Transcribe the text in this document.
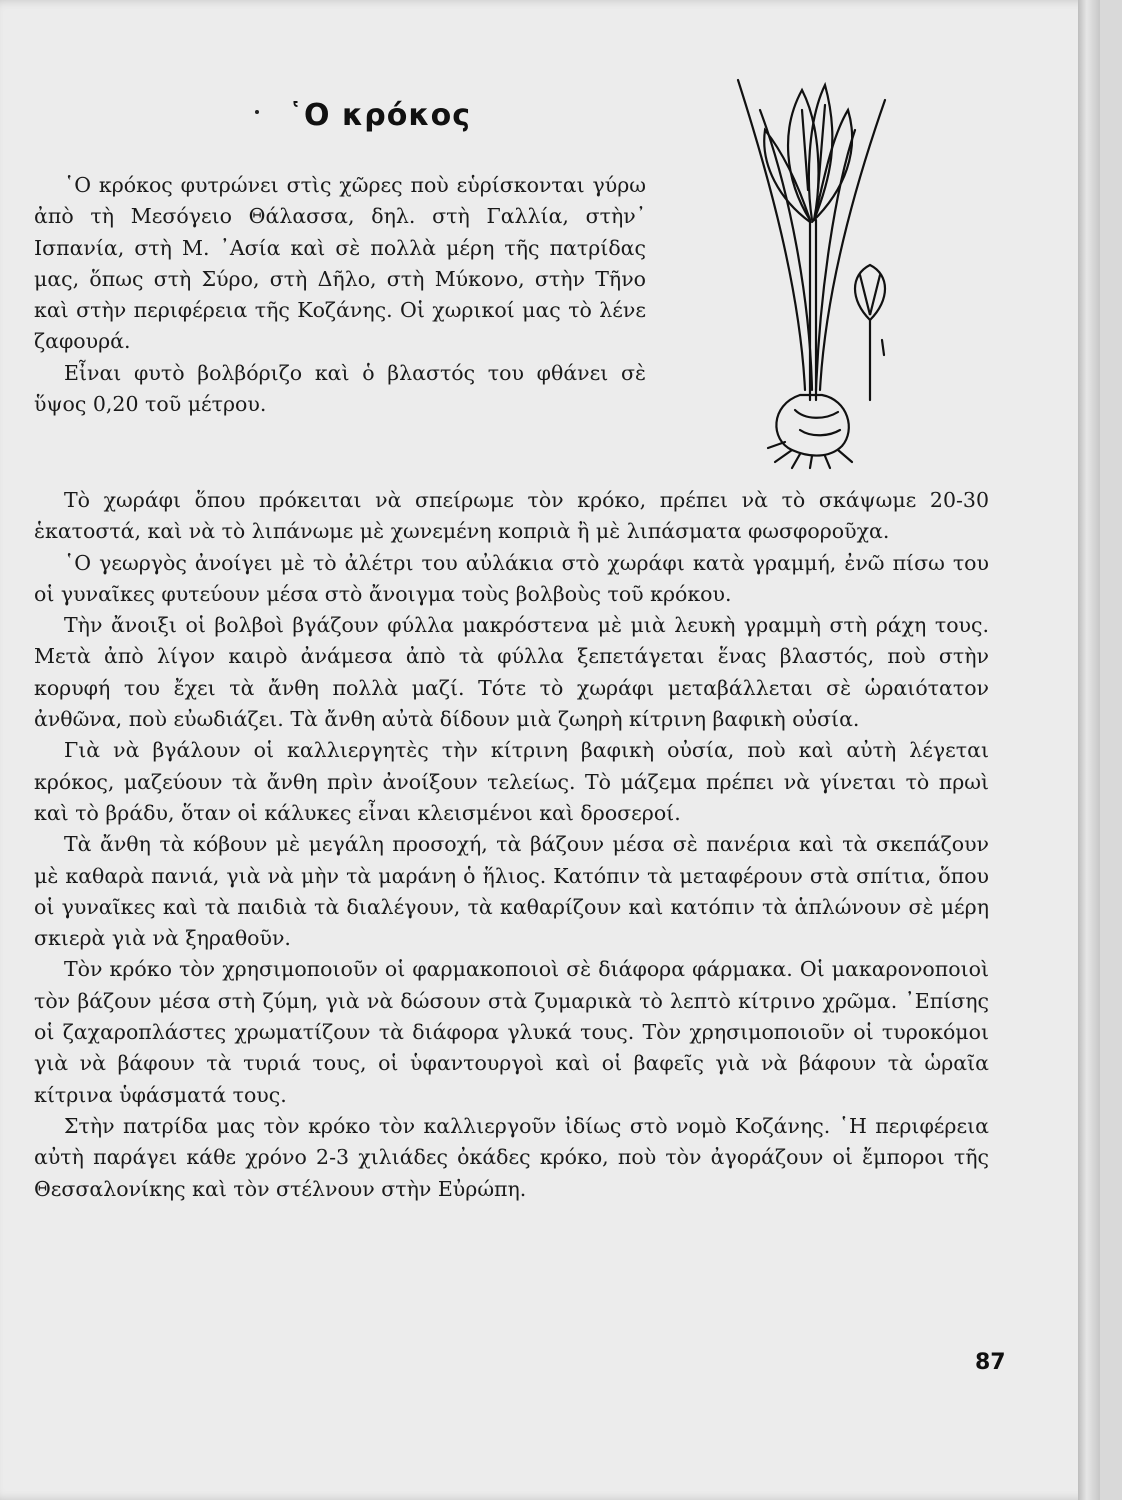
῾Ο κρόκος

῾Ο κρόκος φυτρώνει στὶς χῶρες ποὺ εὑρίσκονται γύρω ἀπὸ τὴ Μεσόγειο Θάλασσα, δηλ. στὴ Γαλλία, στὴν᾿ Ισπανία, στὴ Μ. ᾿Ασία καὶ σὲ πολλὰ μέρη τῆς πατρίδας μας, ὅπως στὴ Σύρο, στὴ Δῆλο, στὴ Μύκονο, στὴν Τῆνο καὶ στὴν περιφέρεια τῆς Κοζάνης. Οἱ χωρικοί μας τὸ λένε ζαφουρά.

Εἶναι φυτὸ βολβόριζο καὶ ὁ βλαστός του φθάνει σὲ ὕψος 0,20 τοῦ μέτρου.

Τὸ χωράφι ὅπου πρόκειται νὰ σπείρωμε τὸν κρόκο, πρέπει νὰ τὸ σκάψωμε 20-30 ἑκατοστά, καὶ νὰ τὸ λιπάνωμε μὲ χωνεμένη κοπριὰ ἢ μὲ λιπάσματα φωσφοροῦχα.

῾Ο γεωργὸς ἀνοίγει μὲ τὸ ἀλέτρι του αὐλάκια στὸ χωράφι κατὰ γραμμή, ἐνῶ πίσω του οἱ γυναῖκες φυτεύουν μέσα στὸ ἄνοιγμα τοὺς βολβοὺς τοῦ κρόκου.

Τὴν ἄνοιξι οἱ βολβοὶ βγάζουν φύλλα μακρόστενα μὲ μιὰ λευκὴ γραμμὴ στὴ ράχη τους. Μετὰ ἀπὸ λίγον καιρὸ ἀνάμεσα ἀπὸ τὰ φύλλα ξεπετάγεται ἕνας βλαστός, ποὺ στὴν κορυφή του ἔχει τὰ ἄνθη πολλὰ μαζί. Τότε τὸ χωράφι μεταβάλλεται σὲ ὡραιότατον ἀνθῶνα, ποὺ εὐωδιάζει. Τὰ ἄνθη αὐτὰ δίδουν μιὰ ζωηρὴ κίτρινη βαφικὴ οὐσία.

Γιὰ νὰ βγάλουν οἱ καλλιεργητὲς τὴν κίτρινη βαφικὴ οὐσία, ποὺ καὶ αὐτὴ λέγεται κρόκος, μαζεύουν τὰ ἄνθη πρὶν ἀνοίξουν τελείως. Τὸ μάζεμα πρέπει νὰ γίνεται τὸ πρωὶ καὶ τὸ βράδυ, ὅταν οἱ κάλυκες εἶναι κλεισμένοι καὶ δροσεροί.

Τὰ ἄνθη τὰ κόβουν μὲ μεγάλη προσοχή, τὰ βάζουν μέσα σὲ πανέρια καὶ τὰ σκεπάζουν μὲ καθαρὰ πανιά, γιὰ νὰ μὴν τὰ μαράνη ὁ ἥλιος. Κατόπιν τὰ μεταφέρουν στὰ σπίτια, ὅπου οἱ γυναῖκες καὶ τὰ παιδιὰ τὰ διαλέγουν, τὰ καθαρίζουν καὶ κατόπιν τὰ ἁπλώνουν σὲ μέρη σκιερὰ γιὰ νὰ ξηραθοῦν.

Τὸν κρόκο τὸν χρησιμοποιοῦν οἱ φαρμακοποιοὶ σὲ διάφορα φάρμακα. Οἱ μακαρονοποιοὶ τὸν βάζουν μέσα στὴ ζύμη, γιὰ νὰ δώσουν στὰ ζυμαρικὰ τὸ λεπτὸ κίτρινο χρῶμα. ᾿Επίσης οἱ ζαχαροπλάστες χρωματίζουν τὰ διάφορα γλυκά τους. Τὸν χρησιμοποιοῦν οἱ τυροκόμοι γιὰ νὰ βάφουν τὰ τυριά τους, οἱ ὑφαντουργοὶ καὶ οἱ βαφεῖς γιὰ νὰ βάφουν τὰ ὡραῖα κίτρινα ὑφάσματά τους.

Στὴν πατρίδα μας τὸν κρόκο τὸν καλλιεργοῦν ἰδίως στὸ νομὸ Κοζάνης. ῾Η περιφέρεια αὐτὴ παράγει κάθε χρόνο 2-3 χιλιάδες ὀκάδες κρόκο, ποὺ τὸν ἀγοράζουν οἱ ἔμποροι τῆς Θεσσαλονίκης καὶ τὸν στέλνουν στὴν Εὐρώπη.

87
